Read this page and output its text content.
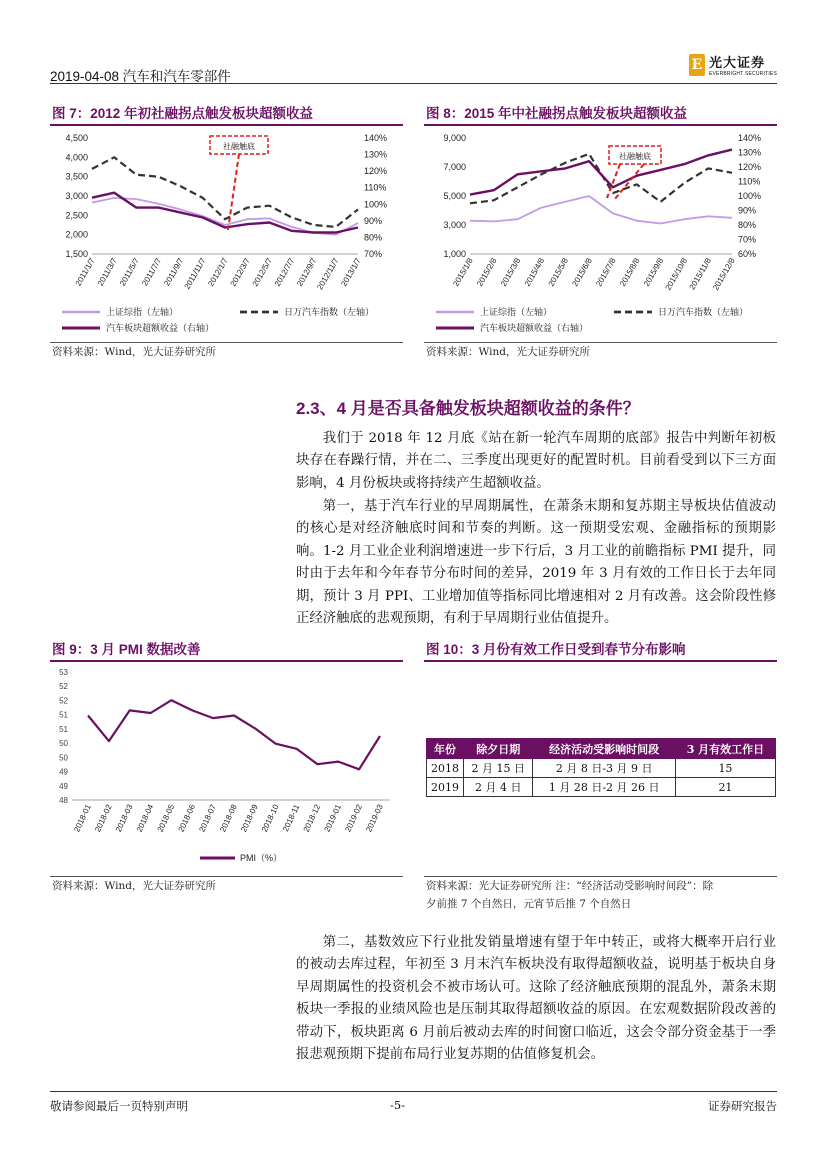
2019-04-08 汽车和汽车零部件
E 光大证券
EVERBRIGHT SECURITIES
图 7：2012 年初社融拐点触发板块超额收益
4,500
4,000
3,500
3,000
2,500
2,000
1,500
140%
130%
120%
110%
100%
90%
80%
70%
2011/1/7 2011/3/7 2011/5/7 2011/7/7 2011/9/7
2011/11/7
2012/1/7
2012/3/7
2012/5/7
2012/7/7
2012/9/7
2012/11/7
2013/1/7
社融触底
上证综指（左轴）	日万汽车指数（左轴）
汽车板块超额收益（右轴）
资料来源：Wind，光大证券研究所
图 8：2015 年中社融拐点触发板块超额收益
9,000
7,000
5,000
3,000
1,000
140%
130%
120%
110%
100%
90%
80%
70%
60%
2015/1/8 2015/2/8 2015/3/8 2015/4/8 2015/5/8 2015/6/8 2015/7/8 2015/8/8 2015/9/8
2015/10/8
2015/11/8
2015/12/8
社融触底
上证综指（左轴）	日万汽车指数（左轴）
汽车板块超额收益（右轴）
资料来源：Wind，光大证券研究所
2.3、4 月是否具备触发板块超额收益的条件？
我们于 2018 年 12 月底《站在新一轮汽车周期的底部》报告中判断年初板块存在春躁行情，并在二、三季度出现更好的配置时机。目前看受到以下三方面影响，4 月份板块或将持续产生超额收益。
第一，基于汽车行业的早周期属性，在萧条末期和复苏期主导板块估值波动的核心是对经济触底时间和节奏的判断。这一预期受宏观、金融指标的预期影响。1-2 月工业企业利润增速进一步下行后，3 月工业的前瞻指标 PMI 提升，同时由于去年和今年春节分布时间的差异，2019 年 3 月有效的工作日长于去年同期，预计 3 月 PPI、工业增加值等指标同比增速相对 2 月有改善。这会阶段性修正经济触底的悲观预期，有利于早周期行业估值提升。
图 9：3 月 PMI 数据改善
53
52
52
51
51
50
50
49
49
48
2018-01 2018-02 2018-03 2018-04 2018-05 2018-06 2018-07 2018-08 2018-09 2018-10 2018-11 2018-12 2019-01 2019-02 2019-03
PMI（%）
资料来源：Wind，光大证券研究所
图 10：3 月份有效工作日受到春节分布影响
年份	除夕日期	经济活动受影响时间段	3 月有效工作日
2018	2 月 15 日	2 月 8 日-3 月 9 日	15
2019	2 月 4 日	1 月 28 日-2 月 26 日	21
资料来源：光大证券研究所 注：“经济活动受影响时间段”：除
夕前推 7 个自然日，元宵节后推 7 个自然日
第二，基数效应下行业批发销量增速有望于年中转正，或将大概率开启行业的被动去库过程，年初至 3 月末汽车板块没有取得超额收益，说明基于板块自身早周期属性的投资机会不被市场认可。这除了经济触底预期的混乱外，萧条末期板块一季报的业绩风险也是压制其取得超额收益的原因。在宏观数据阶段改善的带动下，板块距离 6 月前后被动去库的时间窗口临近，这会令部分资金基于一季报悲观预期下提前布局行业复苏期的估值修复机会。
敬请参阅最后一页特别声明	-5-	证券研究报告
